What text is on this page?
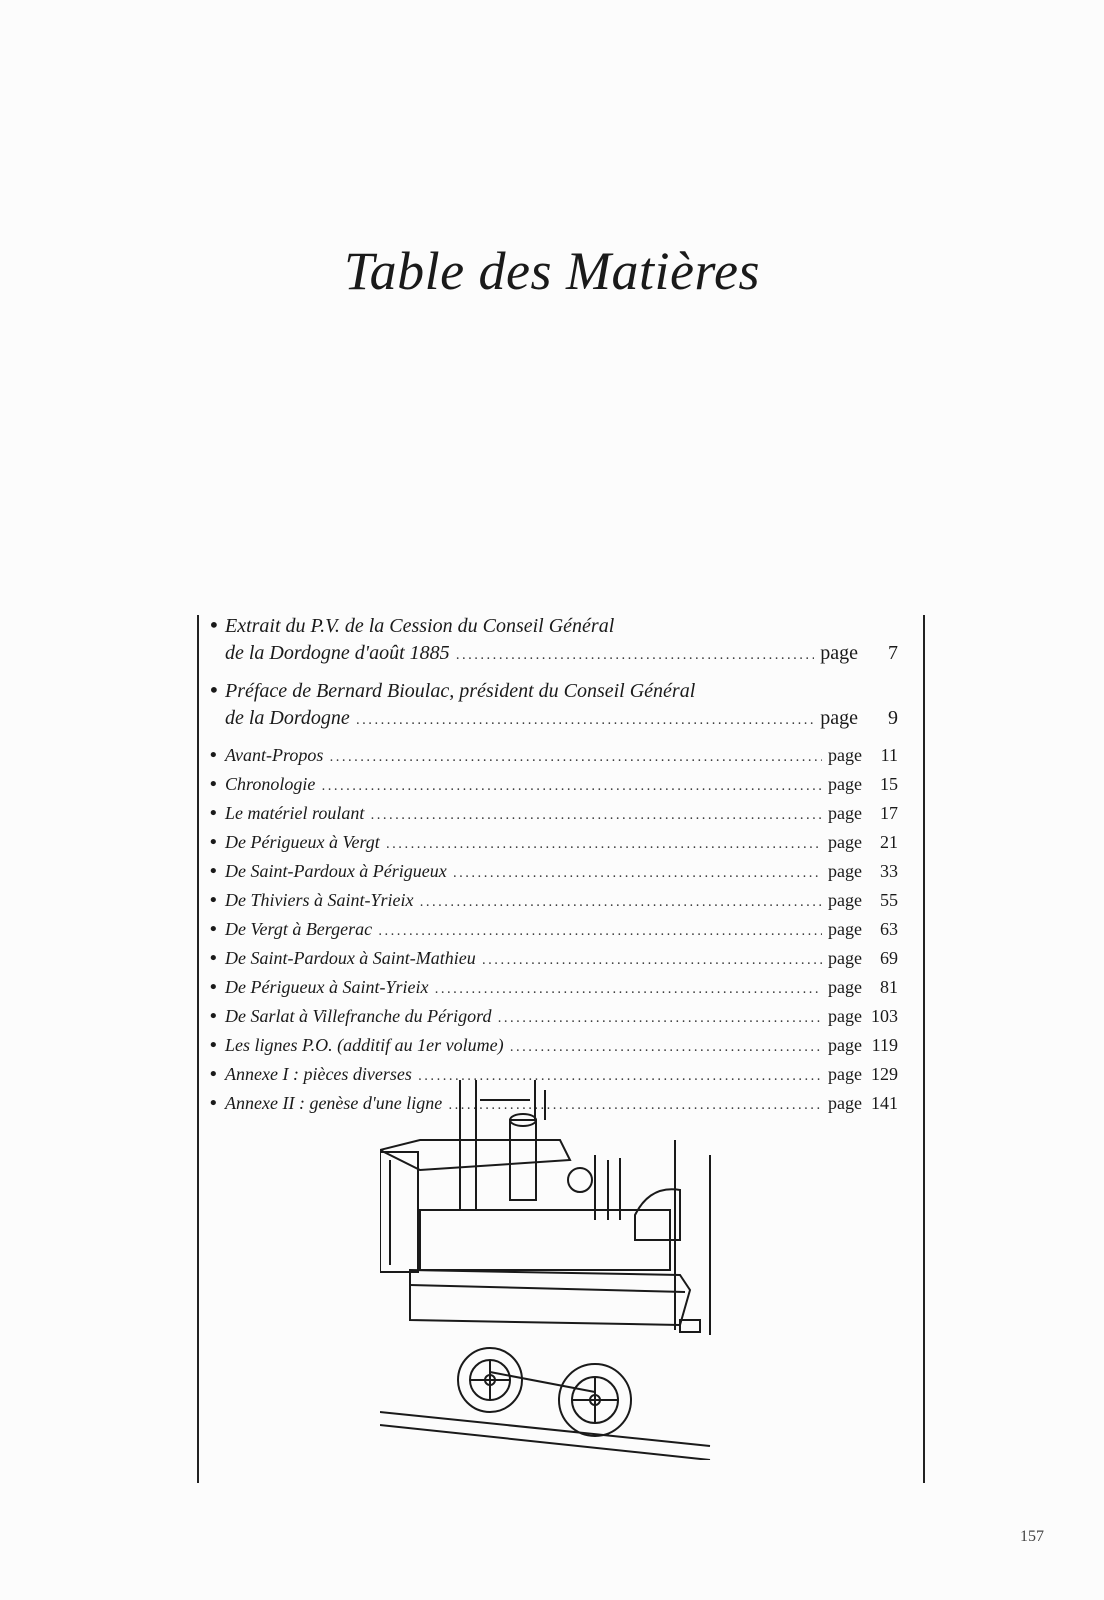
Table des Matières
• Extrait du P.V. de la Cession du Conseil Général
de la Dordogne d'août 1885 .....	page	7
• Préface de Bernard Bioulac, président du Conseil Général
de la Dordogne .....	page	9
• Avant-Propos .....	page	11
• Chronologie .....	page	15
• Le matériel roulant .....	page	17
• De Périgueux à Vergt .....	page	21
• De Saint-Pardoux à Périgueux .....	page	33
• De Thiviers à Saint-Yrieix .....	page	55
• De Vergt à Bergerac .....	page	63
• De Saint-Pardoux à Saint-Mathieu .....	page	69
• De Périgueux à Saint-Yrieix .....	page	81
• De Sarlat à Villefranche du Périgord .....	page 103
• Les lignes P.O. (additif au 1er volume) .....	page 119
• Annexe I : pièces diverses .....	page 129
• Annexe II : genèse d'une ligne .....	page 141
157
